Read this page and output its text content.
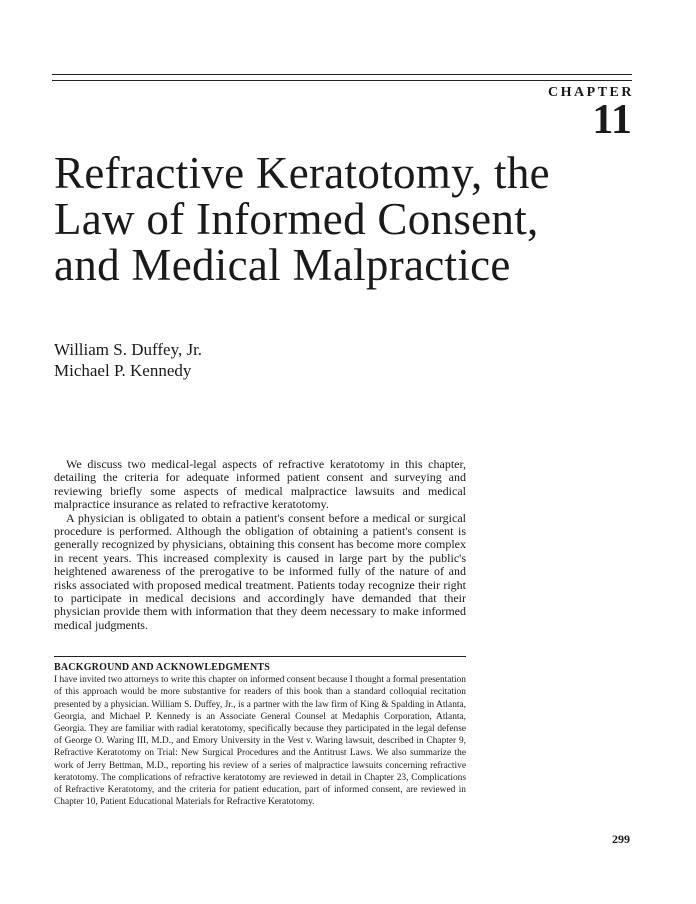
CHAPTER
11
Refractive Keratotomy, the Law of Informed Consent, and Medical Malpractice
William S. Duffey, Jr.
Michael P. Kennedy

We discuss two medical-legal aspects of refractive keratotomy in this chapter, detailing the criteria for adequate informed patient consent and surveying and reviewing briefly some aspects of medical malpractice lawsuits and medical malpractice insurance as related to refractive keratotomy.

A physician is obligated to obtain a patient's consent before a medical or surgical procedure is performed. Although the obligation of obtaining a patient's consent is generally recognized by physicians, obtaining this consent has become more complex in recent years. This increased complexity is caused in large part by the public's heightened awareness of the prerogative to be informed fully of the nature of and risks associated with proposed medical treatment. Patients today recognize their right to participate in medical decisions and accordingly have demanded that their physician provide them with information that they deem necessary to make informed medical judgments.

BACKGROUND AND ACKNOWLEDGMENTS
I have invited two attorneys to write this chapter on informed consent because I thought a formal presentation of this approach would be more substantive for readers of this book than a standard colloquial recitation presented by a physician. William S. Duffey, Jr., is a partner with the law firm of King & Spalding in Atlanta, Georgia, and Michael P. Kennedy is an Associate General Counsel at Medaphis Corporation, Atlanta, Georgia. They are familiar with radial keratotomy, specifically because they participated in the legal defense of George O. Waring III, M.D., and Emory University in the Vest v. Waring lawsuit, described in Chapter 9, Refractive Keratotomy on Trial: New Surgical Procedures and the Antitrust Laws. We also summarize the work of Jerry Bettman, M.D., reporting his review of a series of malpractice lawsuits concerning refractive keratotomy. The complications of refractive keratotomy are reviewed in detail in Chapter 23, Complications of Refractive Keratotomy, and the criteria for patient education, part of informed consent, are reviewed in Chapter 10, Patient Educational Materials for Refractive Keratotomy.
299
